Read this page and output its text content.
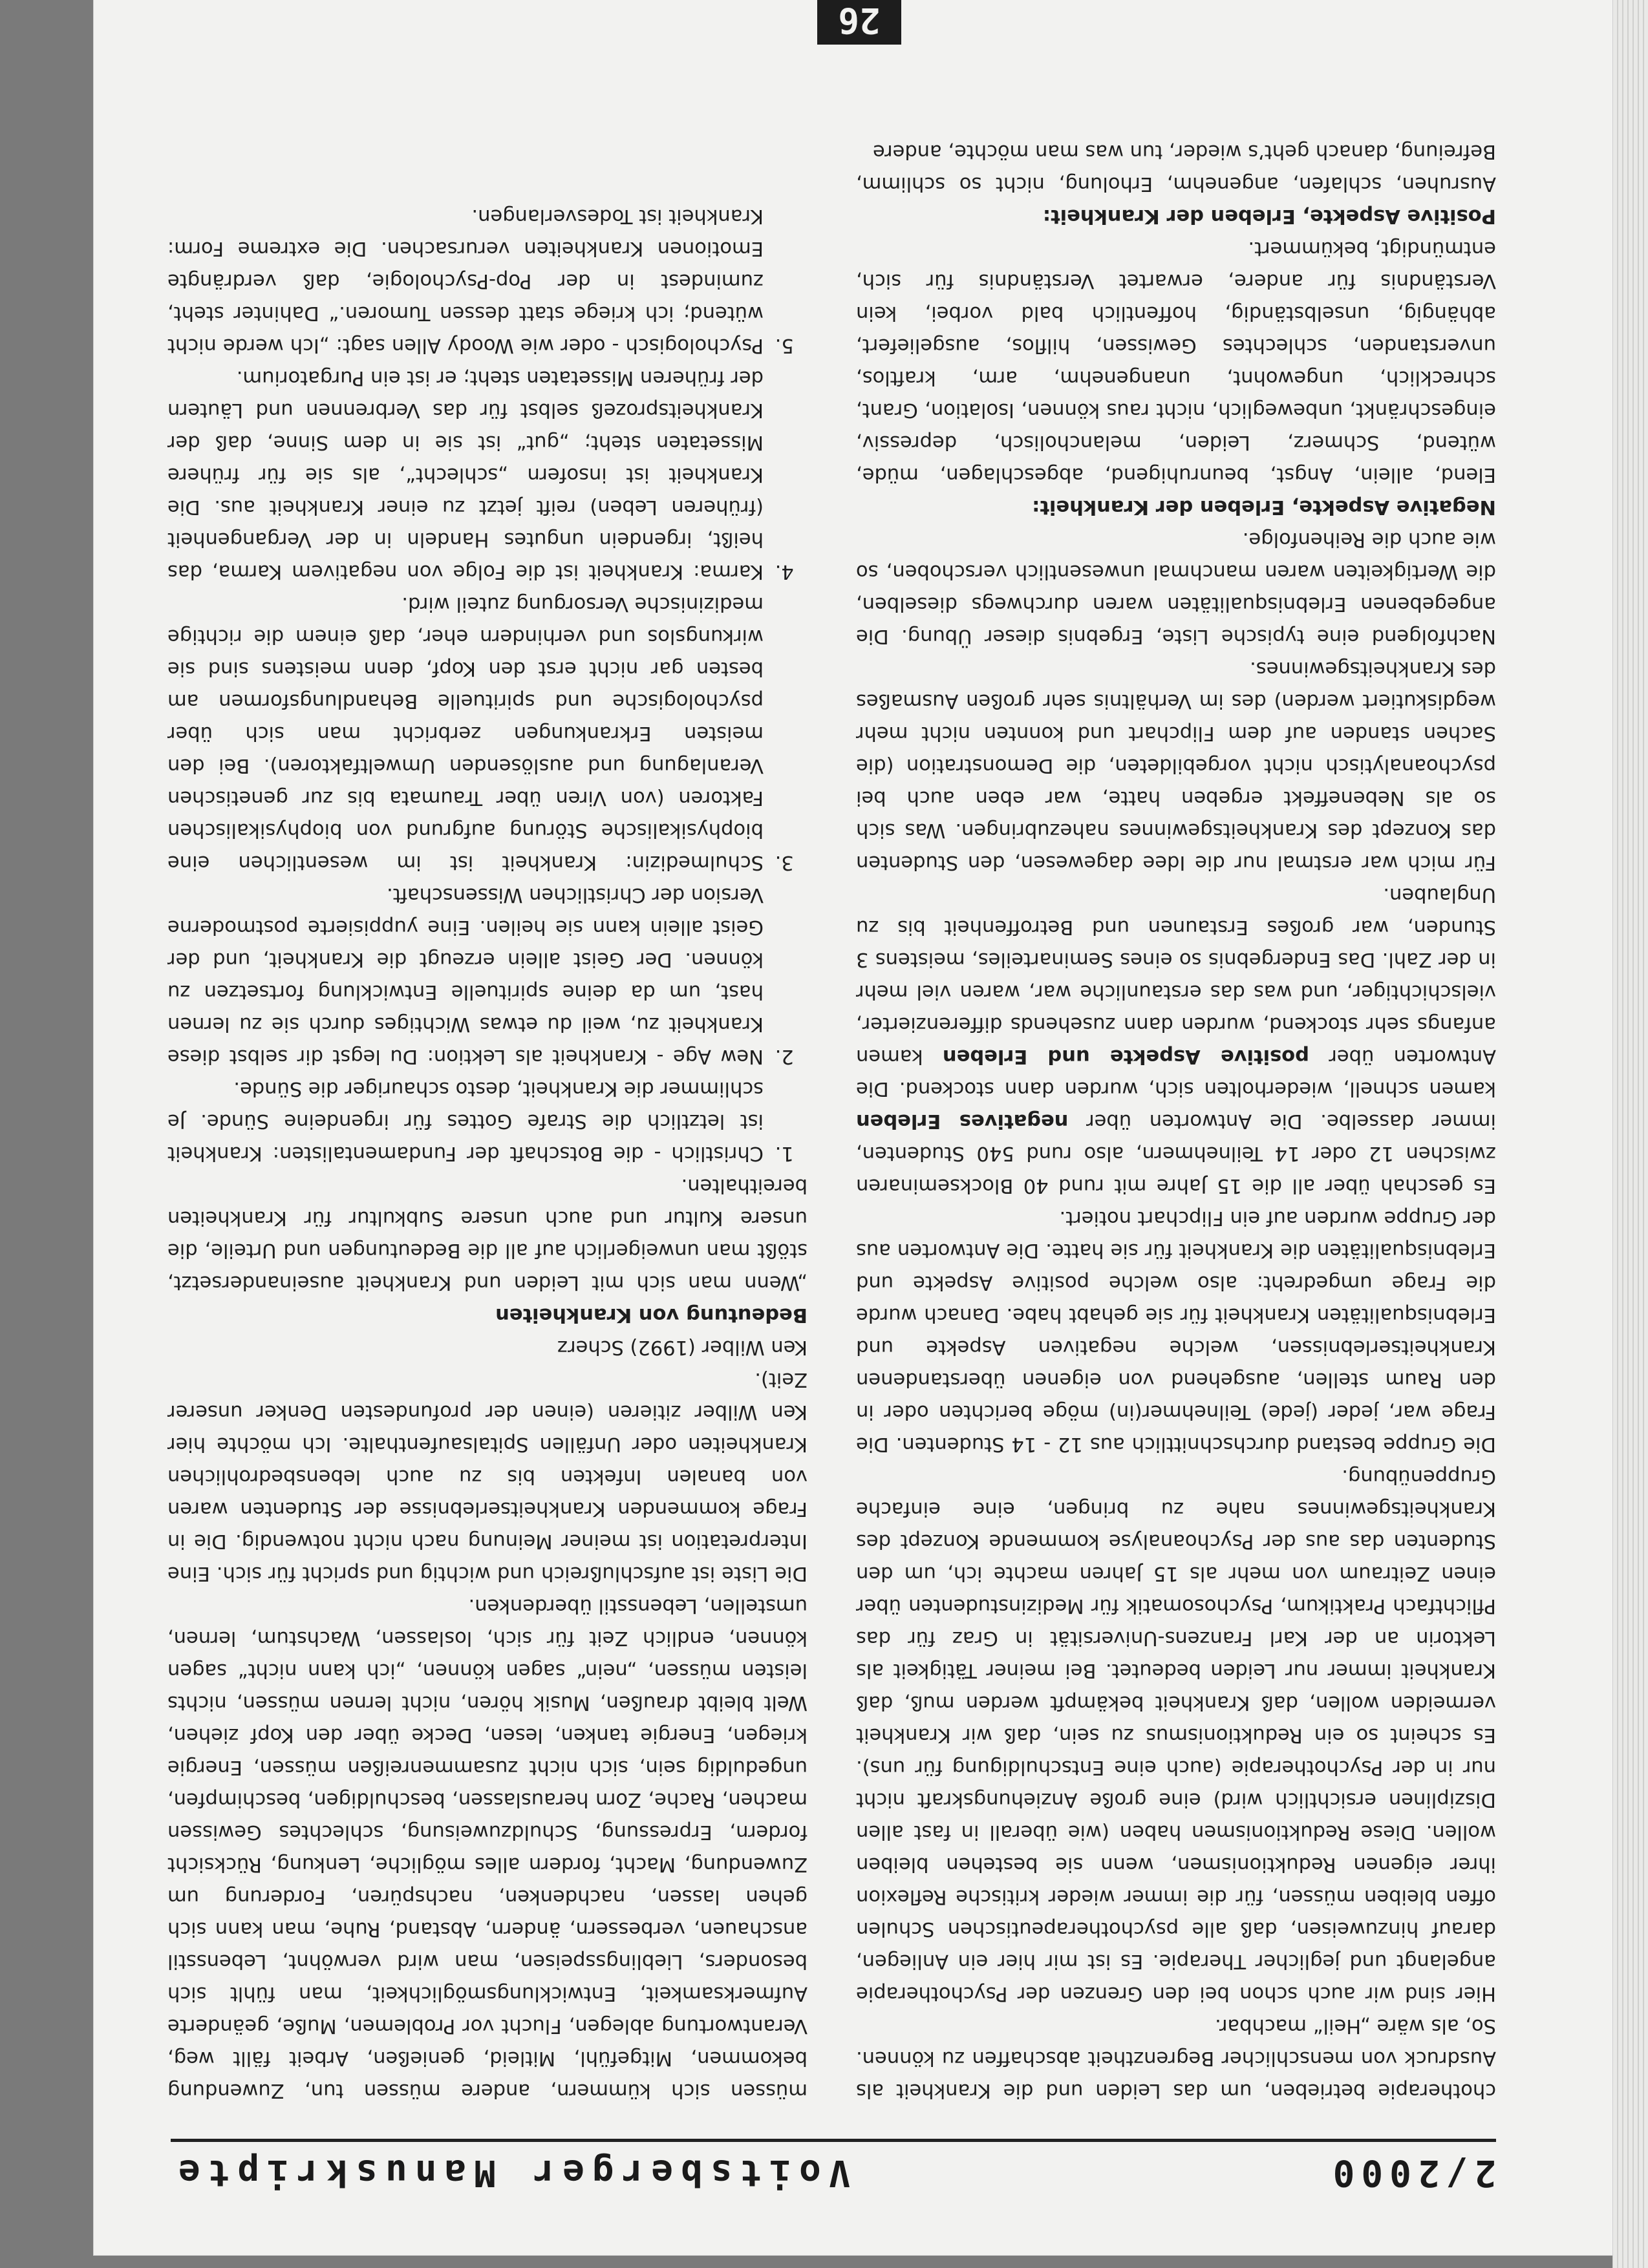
2/2000
Voitsberger Manuskripte

chotherapie betrieben, um das Leiden und die Krankheit als Ausdruck von menschlicher Begrenztheit abschaffen zu können. So, als wäre „Heil“ machbar.

Hier sind wir auch schon bei den Grenzen der Psychotherapie angelangt und jeglicher Therapie. Es ist mir hier ein Anliegen, darauf hinzuweisen, daß alle psychotherapeutischen Schulen offen bleiben müssen, für die immer wieder kritische Reflexion ihrer eigenen Reduktionismen, wenn sie bestehen bleiben wollen. Diese Reduktionismen haben (wie überall in fast allen Disziplinen ersichtlich wird) eine große Anziehungskraft nicht nur in der Psychotherapie (auch eine Entschuldigung für uns). Es scheint so ein Reduktionismus zu sein, daß wir Krankheit vermeiden wollen, daß Krankheit bekämpft werden muß, daß Krankheit immer nur Leiden bedeutet. Bei meiner Tätigkeit als Lektorin an der Karl Franzens-Universität in Graz für das Pflichtfach Praktikum, Psychosomatik für Medizinstudenten über einen Zeitraum von mehr als 15 Jahren machte ich, um den Studenten das aus der Psychoanalyse kommende Konzept des Krankheitsgewinnes nahe zu bringen, eine einfache Gruppenübung.

Die Gruppe bestand durchschnittlich aus 12 - 14 Studenten. Die Frage war, jeder (jede) Teilnehmer(in) möge berichten oder in den Raum stellen, ausgehend von eigenen überstandenen Krankheitserlebnissen, welche negativen Aspekte und Erlebnisqualitäten Krankheit für sie gehabt habe. Danach wurde die Frage umgedreht: also welche positive Aspekte und Erlebnisqualitäten die Krankheit für sie hatte. Die Antworten aus der Gruppe wurden auf ein Flipchart notiert.

Es geschah über all die 15 Jahre mit rund 40 Blockseminaren zwischen 12 oder 14 Teilnehmern, also rund 540 Studenten, immer dasselbe. Die Antworten über negatives Erleben kamen schnell, wiederholten sich, wurden dann stockend. Die Antworten über positive Aspekte und Erleben kamen anfangs sehr stockend, wurden dann zusehends differenzierter, vielschichtiger, und was das erstaunliche war, waren viel mehr in der Zahl. Das Endergebnis so eines Seminarteiles, meistens 3 Stunden, war großes Erstaunen und Betroffenheit bis zu Unglauben.

Für mich war erstmal nur die Idee dagewesen, den Studenten das Konzept des Krankheitsgewinnes nahezubringen. Was sich so als Nebeneffekt ergeben hatte, war eben auch bei psychoanalytisch nicht vorgebildeten, die Demonstration (die Sachen standen auf dem Flipchart und konnten nicht mehr wegdiskutiert werden) des im Verhältnis sehr großen Ausmaßes des Krankheitsgewinnes.

Nachfolgend eine typische Liste, Ergebnis dieser Übung. Die angegebenen Erlebnisqualitäten waren durchwegs dieselben, die Wertigkeiten waren manchmal unwesentlich verschoben, so wie auch die Reihenfolge.

Negative Aspekte, Erleben der Krankheit:

Elend, allein, Angst, beunruhigend, abgeschlagen, müde, wütend, Schmerz, Leiden, melancholisch, depressiv, eingeschränkt, unbeweglich, nicht raus können, Isolation, Grant, schrecklich, ungewohnt, unangenehm, arm, kraftlos, unverstanden, schlechtes Gewissen, hilflos, ausgeliefert, abhängig, unselbständig, hoffentlich bald vorbei, kein Verständnis für andere, erwartet Verständnis für sich, entmündigt, bekümmert.

Positive Aspekte, Erleben der Krankheit:

Ausruhen, schlafen, angenehm, Erholung, nicht so schlimm, Befreiung, danach geht’s wieder, tun was man möchte, andere

müssen sich kümmern, andere müssen tun, Zuwendung bekommen, Mitgefühl, Mitleid, genießen, Arbeit fällt weg, Verantwortung ablegen, Flucht vor Problemen, Muße, geänderte Aufmerksamkeit, Entwicklungsmöglichkeit, man fühlt sich besonders, Lieblingsspeisen, man wird verwöhnt, Lebensstil anschauen, verbessern, ändern, Abstand, Ruhe, man kann sich gehen lassen, nachdenken, nachspüren, Forderung um Zuwendung, Macht, fordern alles mögliche, Lenkung, Rücksicht fordern, Erpressung, Schuldzuweisung, schlechtes Gewissen machen, Rache, Zorn herauslassen, beschuldigen, beschimpfen, ungeduldig sein, sich nicht zusammenreißen müssen, Energie kriegen, Energie tanken, lesen, Decke über den Kopf ziehen, Welt bleibt draußen, Musik hören, nicht lernen müssen, nichts leisten müssen, „nein“ sagen können, „ich kann nicht“ sagen können, endlich Zeit für sich, loslassen, Wachstum, lernen, umstellen, Lebensstil überdenken.

Die Liste ist aufschlußreich und wichtig und spricht für sich. Eine Interpretation ist meiner Meinung nach nicht notwendig. Die in Frage kommenden Krankheitserlebnisse der Studenten waren von banalen Infekten bis zu auch lebensbedrohlichen Krankheiten oder Unfällen Spitalsaufenthalte. Ich möchte hier Ken Wilber zitieren (einen der profundesten Denker unserer Zeit).

Ken Wilber (1992) Scherz

Bedeutung von Krankheiten

„Wenn man sich mit Leiden und Krankheit auseinandersetzt, stößt man unweigerlich auf all die Bedeutungen und Urteile, die unsere Kultur und auch unsere Subkultur für Krankheiten bereithalten.

1. Christlich - die Botschaft der Fundamentalisten: Krankheit ist letztlich die Strafe Gottes für irgendeine Sünde. Je schlimmer die Krankheit, desto schauriger die Sünde.
2. New Age - Krankheit als Lektion: Du legst dir selbst diese Krankheit zu, weil du etwas Wichtiges durch sie zu lernen hast, um da deine spirituelle Entwicklung fortsetzen zu können. Der Geist allein erzeugt die Krankheit, und der Geist allein kann sie heilen. Eine yuppisierte postmoderne Version der Christlichen Wissenschaft.
3. Schulmedizin: Krankheit ist im wesentlichen eine biophysikalische Störung aufgrund von biophysikalischen Faktoren (von Viren über Traumata bis zur genetischen Veranlagung und auslösenden Umweltfaktoren). Bei den meisten Erkrankungen zerbricht man sich über psychologische und spirituelle Behandlungsformen am besten gar nicht erst den Kopf, denn meistens sind sie wirkungslos und verhindern eher, daß einem die richtige medizinische Versorgung zuteil wird.
4. Karma: Krankheit ist die Folge von negativem Karma, das heißt, irgendein ungutes Handeln in der Vergangenheit (früheren Leben) reift jetzt zu einer Krankheit aus. Die Krankheit ist insofern „schlecht“, als sie für frühere Missetaten steht; „gut“ ist sie in dem Sinne, daß der Krankheitsprozeß selbst für das Verbrennen und Läutern der früheren Missetaten steht; er ist ein Purgatorium.
5. Psychologisch - oder wie Woody Allen sagt: „Ich werde nicht wütend; ich kriege statt dessen Tumoren.“ Dahinter steht, zumindest in der Pop-Psychologie, daß verdrängte Emotionen Krankheiten verursachen. Die extreme Form: Krankheit ist Todesverlangen.
26
